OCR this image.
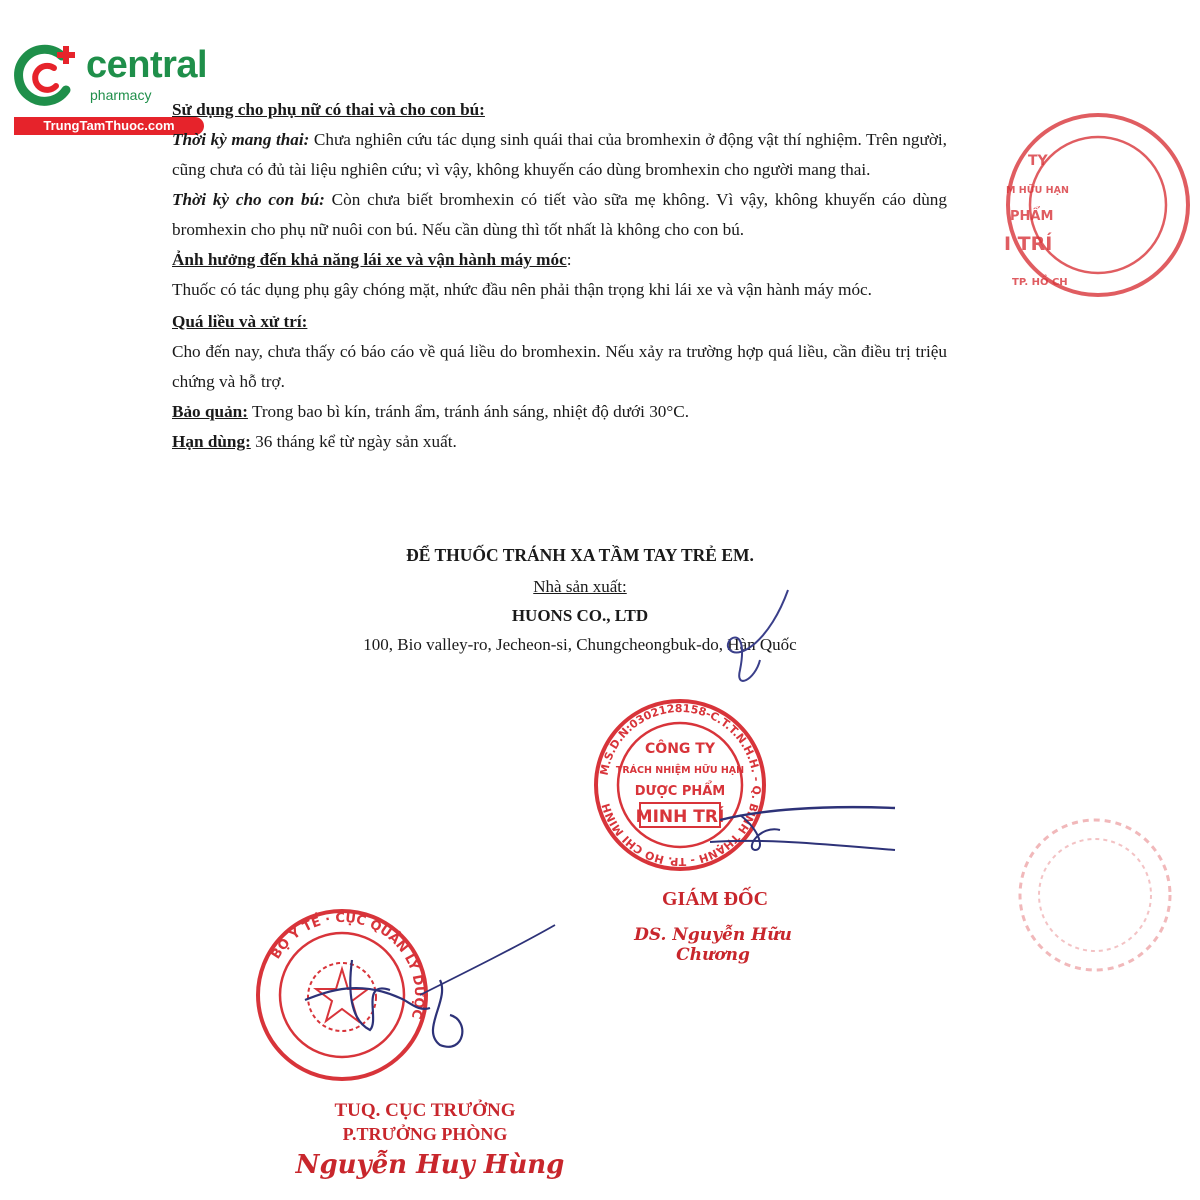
central
pharmacy
TrungTamThuoc.com

Sử dụng cho phụ nữ có thai và cho con bú:

Thời kỳ mang thai: Chưa nghiên cứu tác dụng sinh quái thai của bromhexin ở động vật thí nghiệm. Trên người, cũng chưa có đủ tài liệu nghiên cứu; vì vậy, không khuyến cáo dùng bromhexin cho người mang thai.

Thời kỳ cho con bú: Còn chưa biết bromhexin có tiết vào sữa mẹ không. Vì vậy, không khuyến cáo dùng bromhexin cho phụ nữ nuôi con bú. Nếu cần dùng thì tốt nhất là không cho con bú.

Ảnh hưởng đến khả năng lái xe và vận hành máy móc:

Thuốc có tác dụng phụ gây chóng mặt, nhức đầu nên phải thận trọng khi lái xe và vận hành máy móc.

Quá liều và xử trí:

Cho đến nay, chưa thấy có báo cáo về quá liều do bromhexin. Nếu xảy ra trường hợp quá liều, cần điều trị triệu chứng và hỗ trợ.

Bảo quản: Trong bao bì kín, tránh ẩm, tránh ánh sáng, nhiệt độ dưới 30°C.

Hạn dùng: 36 tháng kể từ ngày sản xuất.

ĐỂ THUỐC TRÁNH XA TẦM TAY TRẺ EM.
Nhà sản xuất:
HUONS CO., LTD
100, Bio valley-ro, Jecheon-si, Chungcheongbuk-do, Hàn Quốc
M.S.D.N:0302128158-C.T.T.N.H.H. - Q. BÌNH THẠNH - TP. HỒ CHÍ MINH
CÔNG TY
TRÁCH NHIỆM HỮU HẠN
DƯỢC PHẨM
MINH TRÍ
GIÁM ĐỐC
DS. Nguyễn Hữu Chương
BỘ Y TẾ · CỤC QUẢN LÝ DƯỢC
TUQ. CỤC TRƯỞNG
P.TRƯỞNG PHÒNG
Nguyễn Huy Hùng
TY
M HỮU HẠN
PHẨM
I TRÍ
TP. HỒ CH
